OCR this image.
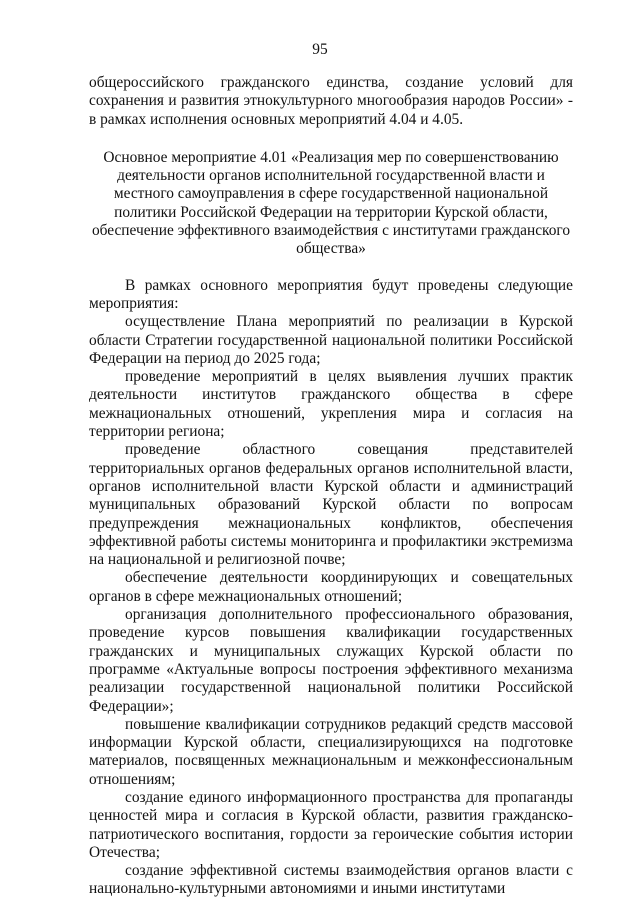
95

общероссийского гражданского единства, создание условий для сохранения и развития этнокультурного многообразия народов России» - в рамках исполнения основных мероприятий 4.04 и 4.05.

Основное мероприятие 4.01 «Реализация мер по совершенствованию деятельности органов исполнительной государственной власти и местного самоуправления в сфере государственной национальной политики Российской Федерации на территории Курской области, обеспечение эффективного взаимодействия с институтами гражданского общества»

В рамках основного мероприятия будут проведены следующие мероприятия:

осуществление Плана мероприятий по реализации в Курской области Стратегии государственной национальной политики Российской Федерации на период до 2025 года;

проведение мероприятий в целях выявления лучших практик деятельности институтов гражданского общества в сфере межнациональных отношений, укрепления мира и согласия на территории региона;

проведение областного совещания представителей территориальных органов федеральных органов исполнительной власти, органов исполнительной власти Курской области и администраций муниципальных образований Курской области по вопросам предупреждения межнациональных конфликтов, обеспечения эффективной работы системы мониторинга и профилактики экстремизма на национальной и религиозной почве;

обеспечение деятельности координирующих и совещательных органов в сфере межнациональных отношений;

организация дополнительного профессионального образования, проведение курсов повышения квалификации государственных гражданских и муниципальных служащих Курской области по программе «Актуальные вопросы построения эффективного механизма реализации государственной национальной политики Российской Федерации»;

повышение квалификации сотрудников редакций средств массовой информации Курской области, специализирующихся на подготовке материалов, посвященных межнациональным и межконфессиональным отношениям;

создание единого информационного пространства для пропаганды ценностей мира и согласия в Курской области, развития гражданско-патриотического воспитания, гордости за героические события истории Отечества;

создание эффективной системы взаимодействия органов власти с национально-культурными автономиями и иными институтами
